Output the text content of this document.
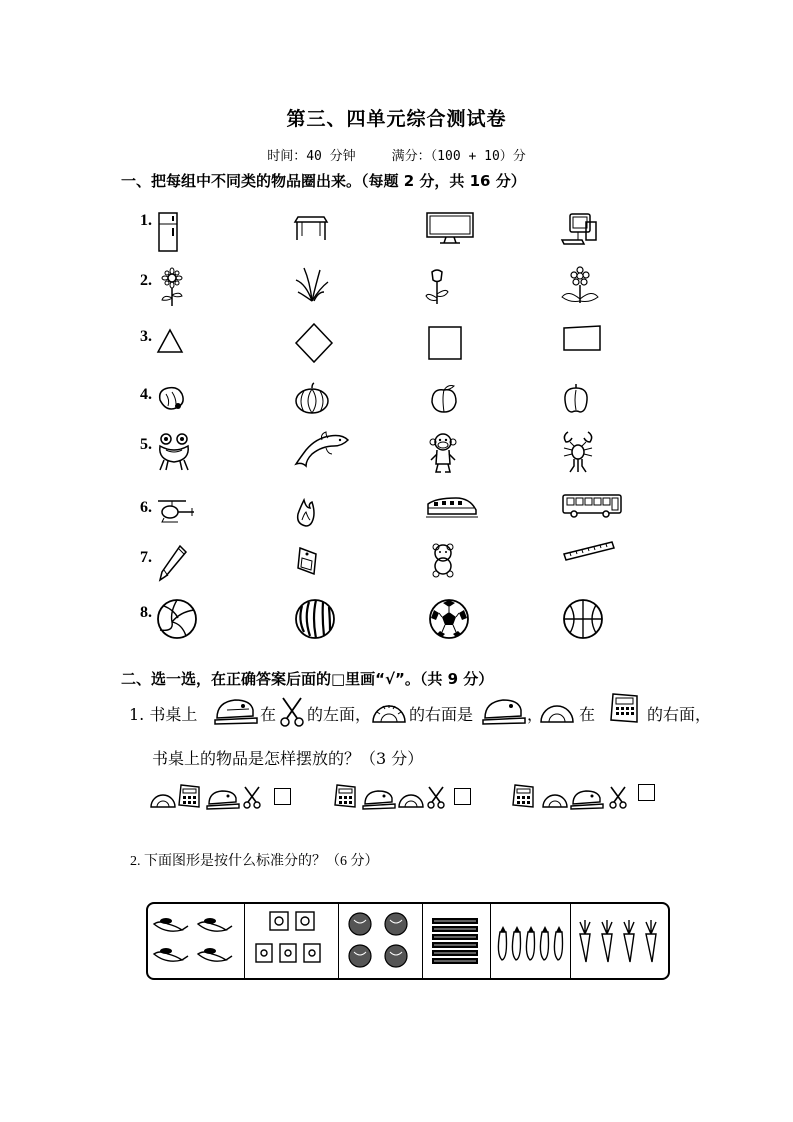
第三、四单元综合测试卷
时间：40 分钟	满分：（100 + 10）分
一、把每组中不同类的物品圈出来。（每题 2 分，共 16 分）
1.
2.
3.
4.
5.
6.
7.
8.
二、选一选，在正确答案后面的□里画“√”。（共 9 分）
1. 书桌上	在 的左面， 的右面是	， 在	的右面，
书桌上的物品是怎样摆放的？（3 分）
2. 下面图形是按什么标准分的？（6 分）
